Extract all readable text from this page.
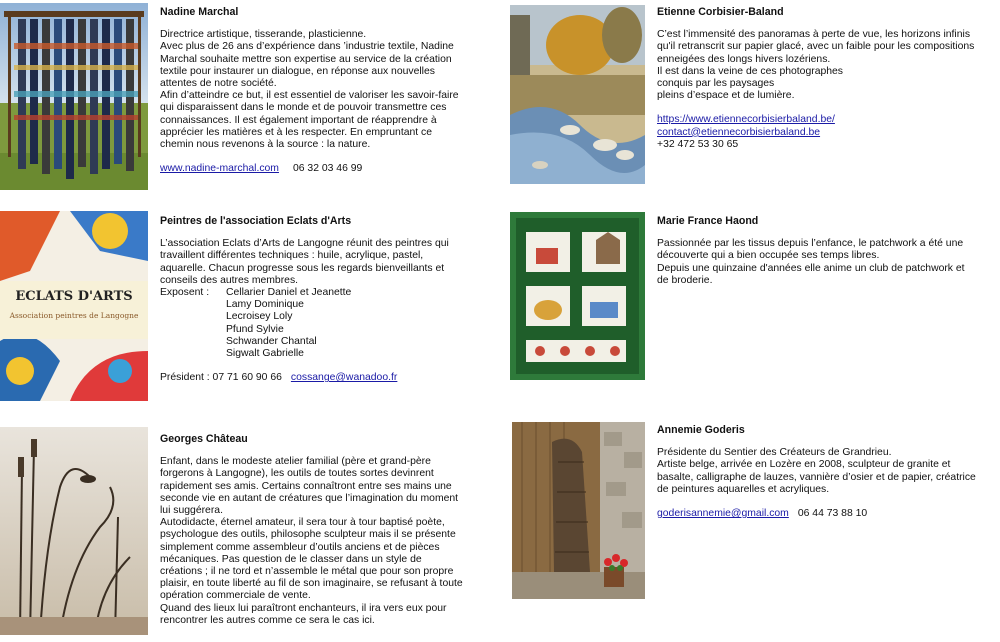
Nadine Marchal

Directrice artistique, tisserande, plasticienne.

Avec plus de 26 ans d’expérience dans ’industrie textile, Nadine Marchal souhaite mettre son expertise au service de la création textile pour instaurer un dialogue, en réponse aux nouvelles attentes de notre société.

Afin d’atteindre ce but, il est essentiel de valoriser les savoir-faire qui disparaissent dans le monde et de pouvoir transmettre ces connaissances. Il est également important de réapprendre à apprécier les matières et à les respecter. En empruntant ce chemin nous revenons à la source : la nature.

www.nadine-marchal.com 06 32 03 46 99

Etienne Corbisier-Baland

C’est l’immensité des panoramas à perte de vue, les horizons infinis qu'il retranscrit sur papier glacé, avec un faible pour les compositions enneigées des longs hivers lozériens.

Il est dans la veine de ces photographes

conquis par les paysages

pleins d’espace et de lumière.

https://www.etiennecorbisierbaland.be/

contact@etiennecorbisierbaland.be

+32 472 53 30 65

ECLATS D'ARTS
Association peintres de Langogne

Peintres de l'association Eclats d'Arts

L’association Eclats d’Arts de Langogne réunit des peintres qui travaillent différentes techniques : huile, acrylique, pastel, aquarelle. Chacun progresse sous les regards bienveillants et conseils des autres membres.

Exposent :	Cellarier Daniel et Jeanette
Lamy Dominique
Lecroisey Loly
Pfund Sylvie
Schwander Chantal
Sigwalt Gabrielle

Président : 07 71 60 90 66 cossange@wanadoo.fr

Marie France Haond

Passionnée par les tissus depuis l’enfance, le patchwork a été une découverte qui a bien occupée ses temps libres.

Depuis une quinzaine d'années elle anime un club de patchwork et de broderie.

Georges Château

Enfant, dans le modeste atelier familial (père et grand-père forgerons à Langogne), les outils de toutes sortes devinrent rapidement ses amis. Certains connaîtront entre ses mains une seconde vie en autant de créatures que l’imagination du moment lui suggérera.

Autodidacte, éternel amateur, il sera tour à tour baptisé poète, psychologue des outils, philosophe sculpteur mais il se présente simplement comme assembleur d’outils anciens et de pièces mécaniques. Pas question de le classer dans un style de créations ; il ne tord et n’assemble le métal que pour son propre plaisir, en toute liberté au fil de son imaginaire, se refusant à toute opération commerciale de vente.

Quand des lieux lui paraîtront enchanteurs, il ira vers eux pour rencontrer les autres comme ce sera le cas ici.

Annemie Goderis

Présidente du Sentier des Créateurs de Grandrieu.

Artiste belge, arrivée en Lozère en 2008, sculpteur de granite et basalte, calligraphe de lauzes, vannière d’osier et de papier, créatrice de peintures aquarelles et acryliques.

goderisannemie@gmail.com 06 44 73 88 10
